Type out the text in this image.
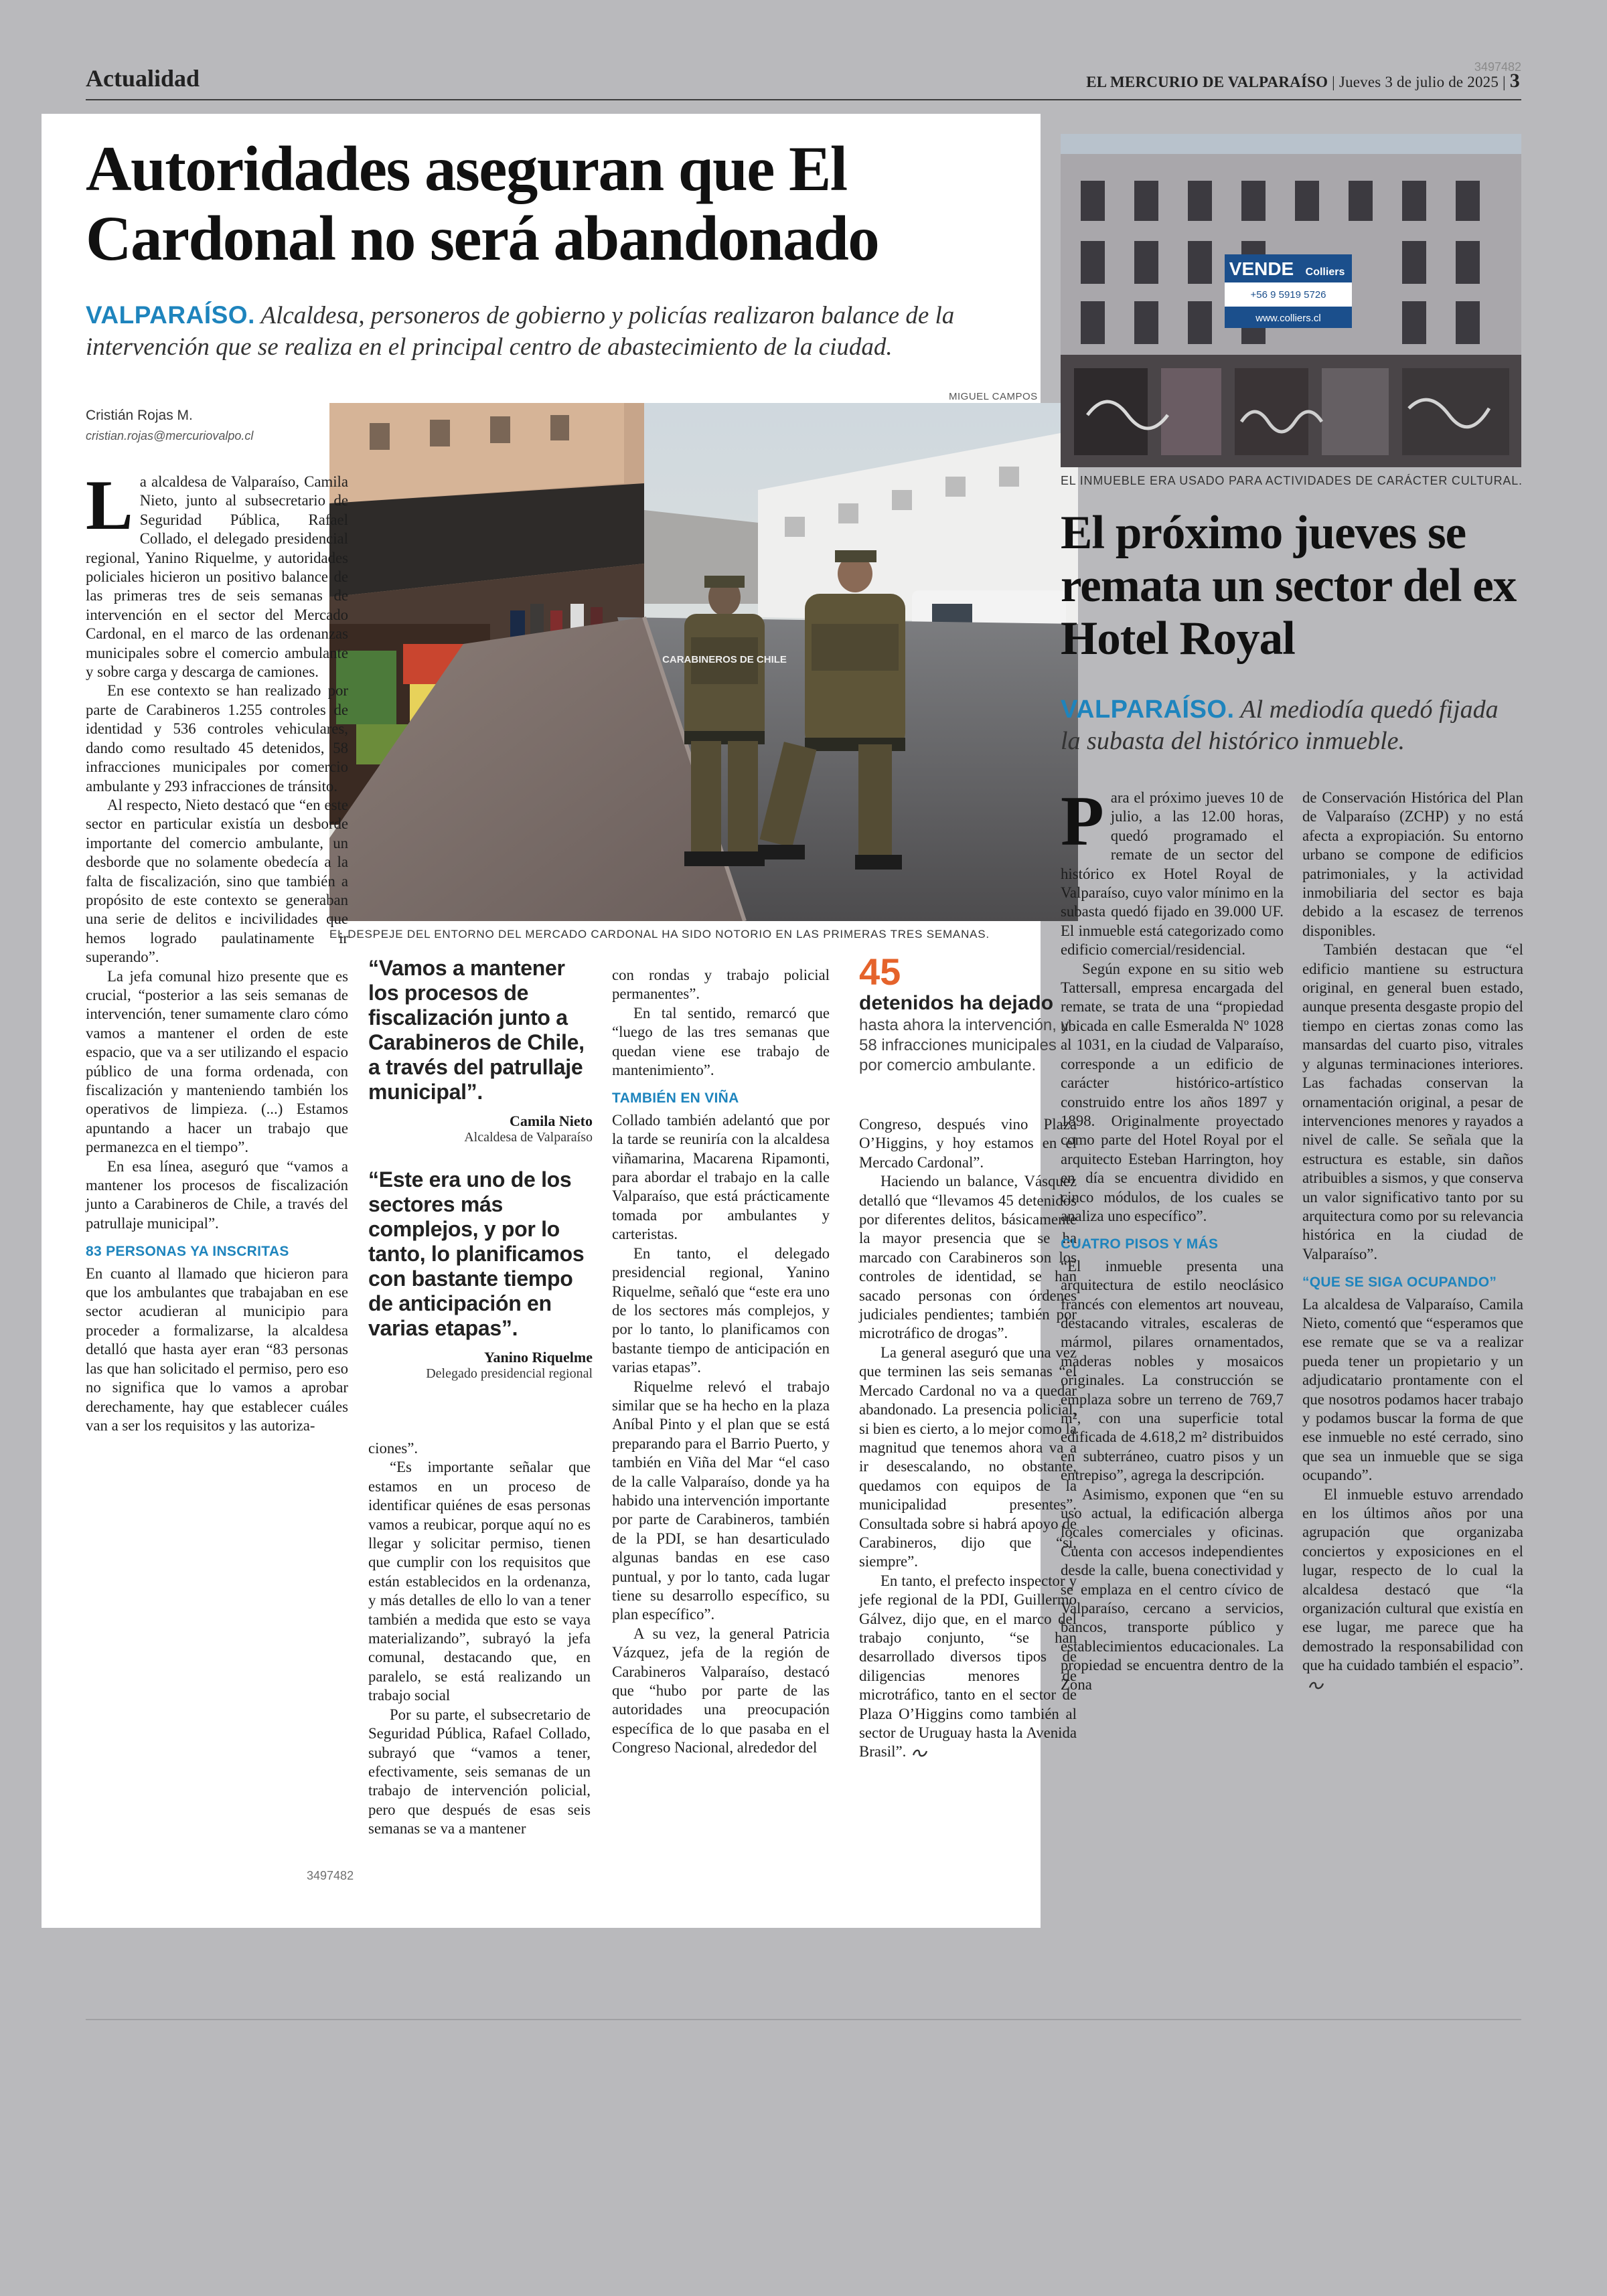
Actualidad	3497482
EL MERCURIO DE VALPARAÍSO | Jueves 3 de julio de 2025 | 3
Autoridades aseguran que El Cardonal no será abandonado
VALPARAÍSO. Alcaldesa, personeros de gobierno y policías realizaron balance de la intervención que se realiza en el principal centro de abastecimiento de la ciudad.
Cristián Rojas M.
cristian.rojas@mercuriovalpo.cl
MIGUEL CAMPOS
CARABINEROS DE CHILE
EL DESPEJE DEL ENTORNO DEL MERCADO CARDONAL HA SIDO NOTORIO EN LAS PRIMERAS TRES SEMANAS.

La alcaldesa de Valparaíso, Camila Nieto, junto al subsecretario de Seguridad Pública, Rafael Collado, el delegado presidencial regional, Yanino Riquelme, y autoridades policiales hicieron un positivo balance de las primeras tres de seis semanas de intervención en el sector del Mercado Cardonal, en el marco de las ordenanzas municipales sobre el comercio ambulante y sobre carga y descarga de camiones.

En ese contexto se han realizado por parte de Carabineros 1.255 controles de identidad y 536 controles vehiculares, dando como resultado 45 detenidos, 58 infracciones municipales por comercio ambulante y 293 infracciones de tránsito.

Al respecto, Nieto destacó que “en este sector en particular existía un desborde importante del comercio ambulante, un desborde que no solamente obedecía a la falta de fiscalización, sino que también a propósito de este contexto se generaban una serie de delitos e incivilidades que hemos logrado paulatinamente ir superando”.

La jefa comunal hizo presente que es crucial, “posterior a las seis semanas de intervención, tener sumamente claro cómo vamos a mantener el orden de este espacio, que va a ser utilizando el espacio público de una forma ordenada, con fiscalización y manteniendo también los operativos de limpieza. (...) Estamos apuntando a hacer un trabajo que permanezca en el tiempo”.

En esa línea, aseguró que “vamos a mantener los procesos de fiscalización junto a Carabineros de Chile, a través del patrullaje municipal”.

83 PERSONAS YA INSCRITAS

En cuanto al llamado que hicieron para que los ambulantes que trabajaban en ese sector acudieran al municipio para proceder a formalizarse, la alcaldesa detalló que hasta ayer eran “83 personas las que han solicitado el permiso, pero eso no significa que lo vamos a aprobar derechamente, hay que establecer cuáles van a ser los requisitos y las autoriza-

“Vamos a mantener los procesos de fiscalización junto a Carabineros de Chile, a través del patrullaje municipal”.
Camila Nieto
Alcaldesa de Valparaíso
“Este era uno de los sectores más complejos, y por lo tanto, lo planificamos con bastante tiempo de anticipación en varias etapas”.
Yanino Riquelme
Delegado presidencial regional

ciones”.

“Es importante señalar que estamos en un proceso de identificar quiénes de esas personas vamos a reubicar, porque aquí no es llegar y solicitar permiso, tienen que cumplir con los requisitos que están establecidos en la ordenanza, y más detalles de ello lo van a tener también a medida que esto se vaya materializando”, subrayó la jefa comunal, destacando que, en paralelo, se está realizando un trabajo social

Por su parte, el subsecretario de Seguridad Pública, Rafael Collado, subrayó que “vamos a tener, efectivamente, seis semanas de un trabajo de intervención policial, pero que después de esas seis semanas se va a mantener

con rondas y trabajo policial permanentes”.

En tal sentido, remarcó que “luego de las tres semanas que quedan viene ese trabajo de mantenimiento”.

TAMBIÉN EN VIÑA

Collado también adelantó que por la tarde se reuniría con la alcaldesa viñamarina, Macarena Ripamonti, para abordar el trabajo en la calle Valparaíso, que está prácticamente tomada por ambulantes y carteristas.

En tanto, el delegado presidencial regional, Yanino Riquelme, señaló que “este era uno de los sectores más complejos, y por lo tanto, lo planificamos con bastante tiempo de anticipación en varias etapas”.

Riquelme relevó el trabajo similar que se ha hecho en la plaza Aníbal Pinto y el plan que se está preparando para el Barrio Puerto, y también en Viña del Mar “el caso de la calle Valparaíso, donde ya ha habido una intervención importante por parte de Carabineros, también de la PDI, se han desarticulado algunas bandas en ese caso puntual, y por lo tanto, cada lugar tiene su desarrollo específico, su plan específico”.

A su vez, la general Patricia Vázquez, jefa de la región de Carabineros Valparaíso, destacó que “hubo por parte de las autoridades una preocupación específica de lo que pasaba en el Congreso Nacional, alrededor del

45
detenidos ha dejado
hasta ahora la intervención, y 58 infracciones municipales por comercio ambulante.

Congreso, después vino Plaza O’Higgins, y hoy estamos en el Mercado Cardonal”.

Haciendo un balance, Vásquez detalló que “llevamos 45 detenidos por diferentes delitos, básicamente la mayor presencia que se ha marcado con Carabineros son los controles de identidad, se han sacado personas con órdenes judiciales pendientes; también por microtráfico de drogas”.

La general aseguró que una vez que terminen las seis semanas “el Mercado Cardonal no va a quedar abandonado. La presencia policial, si bien es cierto, a lo mejor como la magnitud que tenemos ahora va a ir desescalando, no obstante, quedamos con equipos de la municipalidad presentes”. Consultada sobre si habrá apoyo de Carabineros, dijo que “sí, siempre”.

En tanto, el prefecto inspector y jefe regional de la PDI, Guillermo Gálvez, dijo que, en el marco del trabajo conjunto, “se han desarrollado diversos tipos de diligencias menores de microtráfico, tanto en el sector de Plaza O’Higgins como también al sector de Uruguay hasta la Avenida Brasil”.

3497482
VENDE Colliers
+56 9 5919 5726
www.colliers.cl
EL INMUEBLE ERA USADO PARA ACTIVIDADES DE CARÁCTER CULTURAL.
El próximo jueves se remata un sector del ex Hotel Royal
VALPARAÍSO. Al mediodía quedó fijada la subasta del histórico inmueble.

Para el próximo jueves 10 de julio, a las 12.00 horas, quedó programado el remate de un sector del histórico ex Hotel Royal de Valparaíso, cuyo valor mínimo en la subasta quedó fijado en 39.000 UF. El inmueble está categorizado como edificio comercial/residencial.

Según expone en su sitio web Tattersall, empresa encargada del remate, se trata de una “propiedad ubicada en calle Esmeralda Nº 1028 al 1031, en la ciudad de Valparaíso, corresponde a un edificio de carácter histórico-artístico construido entre los años 1897 y 1898. Originalmente proyectado como parte del Hotel Royal por el arquitecto Esteban Harrington, hoy en día se encuentra dividido en cinco módulos, de los cuales se analiza uno específico”.

CUATRO PISOS Y MÁS

“El inmueble presenta una arquitectura de estilo neoclásico francés con elementos art nouveau, destacando vitrales, escaleras de mármol, pilares ornamentados, maderas nobles y mosaicos originales. La construcción se emplaza sobre un terreno de 769,7 m², con una superficie total edificada de 4.618,2 m² distribuidos en subterráneo, cuatro pisos y un entrepiso”, agrega la descripción.

Asimismo, exponen que “en su uso actual, la edificación alberga locales comerciales y oficinas. Cuenta con accesos independientes desde la calle, buena conectividad y se emplaza en el centro cívico de Valparaíso, cercano a servicios, bancos, transporte público y establecimientos educacionales. La propiedad se encuentra dentro de la Zona

de Conservación Histórica del Plan de Valparaíso (ZCHP) y no está afecta a expropiación. Su entorno urbano se compone de edificios patrimoniales, y la actividad inmobiliaria del sector es baja debido a la escasez de terrenos disponibles.

También destacan que “el edificio mantiene su estructura original, en general buen estado, aunque presenta desgaste propio del tiempo en ciertas zonas como las mansardas del cuarto piso, vitrales y algunas terminaciones interiores. Las fachadas conservan la ornamentación original, a pesar de intervenciones menores y rayados a nivel de calle. Se señala que la estructura es estable, sin daños atribuibles a sismos, y que conserva un valor significativo tanto por su arquitectura como por su relevancia histórica en la ciudad de Valparaíso”.

“QUE SE SIGA OCUPANDO”

La alcaldesa de Valparaíso, Camila Nieto, comentó que “esperamos que ese remate que se va a realizar pueda tener un propietario y un adjudicatario prontamente con el que nosotros podamos hacer trabajo y podamos buscar la forma de que ese inmueble no esté cerrado, sino que sea un inmueble que se siga ocupando”.

El inmueble estuvo arrendado en los últimos años por una agrupación que organizaba conciertos y exposiciones en el lugar, respecto de lo cual la alcaldesa destacó que “la organización cultural que existía en ese lugar, me parece que ha demostrado la responsabilidad con que ha cuidado también el espacio”.
